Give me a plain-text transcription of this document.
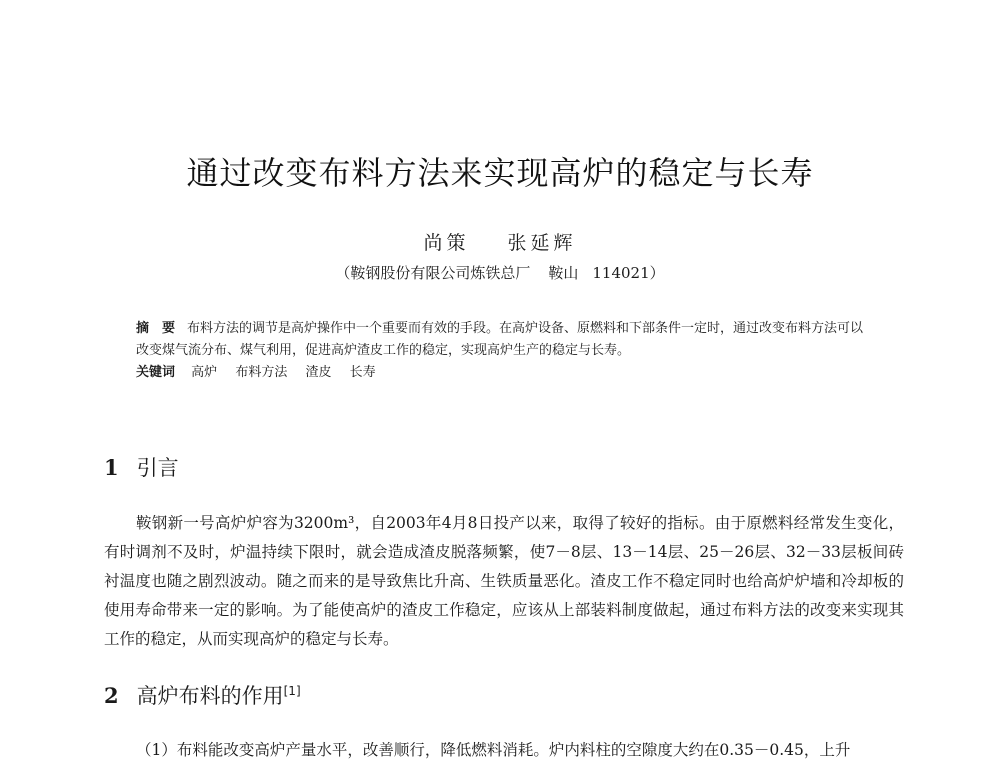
通过改变布料方法来实现高炉的稳定与长寿
尚策 张延辉
（鞍钢股份有限公司炼铁总厂 鞍山 114021）
摘　要 布料方法的调节是高炉操作中一个重要而有效的手段。在高炉设备、原燃料和下部条件一定时，通过改变布料方法可以改变煤气流分布、煤气利用，促进高炉渣皮工作的稳定，实现高炉生产的稳定与长寿。
关键词 高炉 布料方法 渣皮 长寿
1 引言
鞍钢新一号高炉炉容为3200m³，自2003年4月8日投产以来，取得了较好的指标。由于原燃料经常发生变化，有时调剂不及时，炉温持续下限时，就会造成渣皮脱落频繁，使7－8层、13－14层、25－26层、32－33层板间砖衬温度也随之剧烈波动。随之而来的是导致焦比升高、生铁质量恶化。渣皮工作不稳定同时也给高炉炉墙和冷却板的使用寿命带来一定的影响。为了能使高炉的渣皮工作稳定，应该从上部装料制度做起，通过布料方法的改变来实现其工作的稳定，从而实现高炉的稳定与长寿。
2 高炉布料的作用[1]
（1）布料能改变高炉产量水平，改善顺行，降低燃料消耗。炉内料柱的空隙度大约在0.35－0.45，上升
